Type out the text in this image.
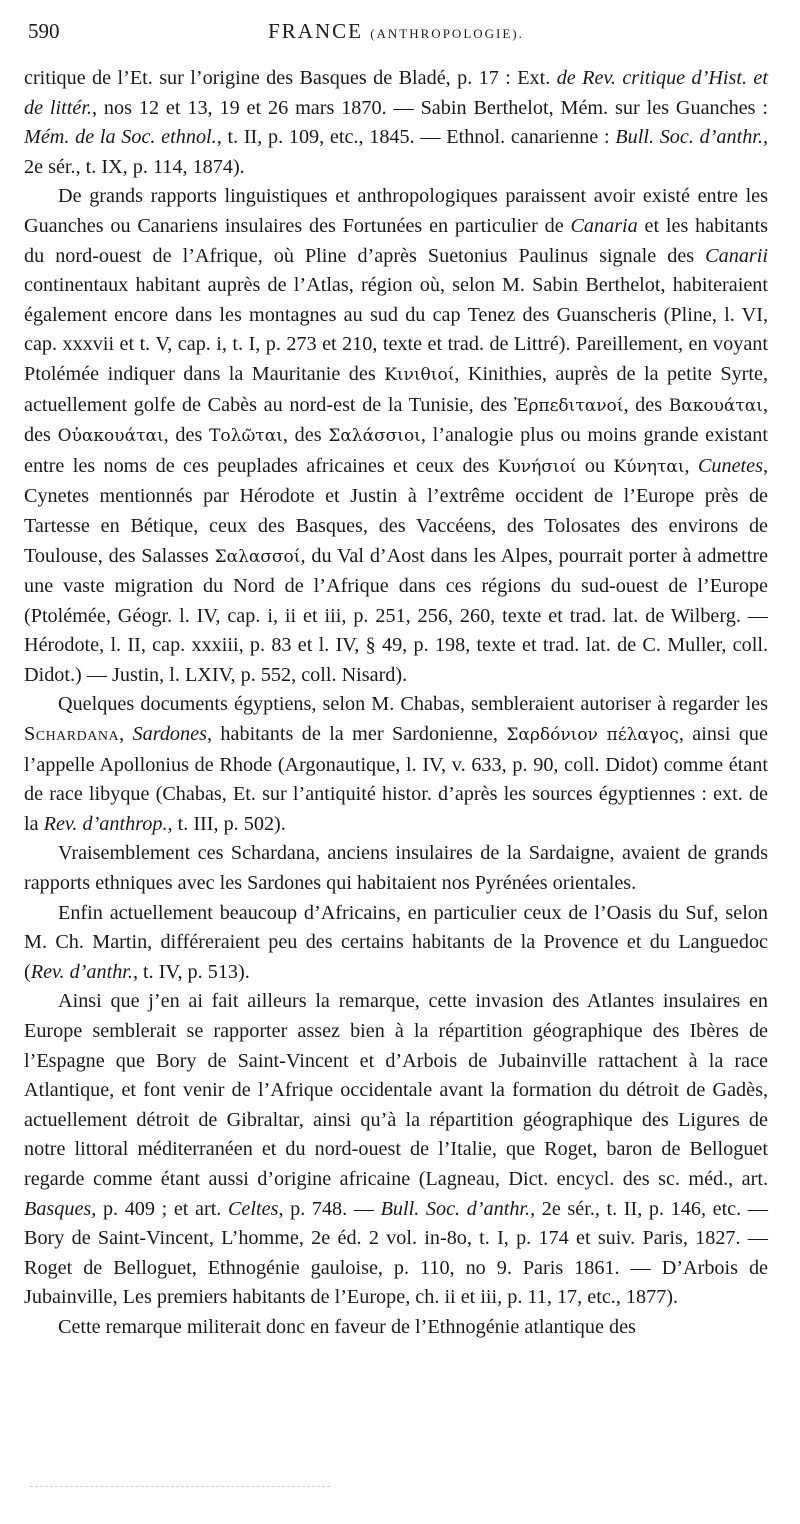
590	FRANCE (ANTHROPOLOGIE).

critique de l’Et. sur l’origine des Basques de Bladé, p. 17 : Ext. de Rev. critique d’Hist. et de littér., nos 12 et 13, 19 et 26 mars 1870. — Sabin Berthelot, Mém. sur les Guanches : Mém. de la Soc. ethnol., t. II, p. 109, etc., 1845. — Ethnol. canarienne : Bull. Soc. d’anthr., 2e sér., t. IX, p. 114, 1874).

De grands rapports linguistiques et anthropologiques paraissent avoir existé entre les Guanches ou Canariens insulaires des Fortunées en particulier de Canaria et les habitants du nord-ouest de l’Afrique, où Pline d’après Suetonius Paulinus signale des Canarii continentaux habitant auprès de l’Atlas, région où, selon M. Sabin Berthelot, habiteraient également encore dans les montagnes au sud du cap Tenez des Guanscheris (Pline, l. VI, cap. xxxvii et t. V, cap. i, t. I, p. 273 et 210, texte et trad. de Littré). Pareillement, en voyant Ptolémée indiquer dans la Mauritanie des Κινιθιοί, Kinithies, auprès de la petite Syrte, actuellement golfe de Cabès au nord-est de la Tunisie, des Ἐρπεδιτανοί, des Βακουάται, des Οὐακουάται, des Τολῶται, des Σαλάσσιοι, l’analogie plus ou moins grande existant entre les noms de ces peuplades africaines et ceux des Κυνήσιοί ou Κύνηται, Cunetes, Cynetes mentionnés par Hérodote et Justin à l’extrême occident de l’Europe près de Tartesse en Bétique, ceux des Basques, des Vaccéens, des Tolosates des environs de Toulouse, des Salasses Σαλασσοί, du Val d’Aost dans les Alpes, pourrait porter à admettre une vaste migration du Nord de l’Afrique dans ces régions du sud-ouest de l’Europe (Ptolémée, Géogr. l. IV, cap. i, ii et iii, p. 251, 256, 260, texte et trad. lat. de Wilberg. — Hérodote, l. II, cap. xxxiii, p. 83 et l. IV, § 49, p. 198, texte et trad. lat. de C. Muller, coll. Didot.) — Justin, l. LXIV, p. 552, coll. Nisard).

Quelques documents égyptiens, selon M. Chabas, sembleraient autoriser à regarder les Schardana, Sardones, habitants de la mer Sardonienne, Σαρδόνιον πέλαγος, ainsi que l’appelle Apollonius de Rhode (Argonautique, l. IV, v. 633, p. 90, coll. Didot) comme étant de race libyque (Chabas, Et. sur l’antiquité histor. d’après les sources égyptiennes : ext. de la Rev. d’anthrop., t. III, p. 502).

Vraisemblement ces Schardana, anciens insulaires de la Sardaigne, avaient de grands rapports ethniques avec les Sardones qui habitaient nos Pyrénées orientales.

Enfin actuellement beaucoup d’Africains, en particulier ceux de l’Oasis du Suf, selon M. Ch. Martin, différeraient peu des certains habitants de la Provence et du Languedoc (Rev. d’anthr., t. IV, p. 513).

Ainsi que j’en ai fait ailleurs la remarque, cette invasion des Atlantes insulaires en Europe semblerait se rapporter assez bien à la répartition géographique des Ibères de l’Espagne que Bory de Saint-Vincent et d’Arbois de Jubainville rattachent à la race Atlantique, et font venir de l’Afrique occidentale avant la formation du détroit de Gadès, actuellement détroit de Gibraltar, ainsi qu’à la répartition géographique des Ligures de notre littoral méditerranéen et du nord-ouest de l’Italie, que Roget, baron de Belloguet regarde comme étant aussi d’origine africaine (Lagneau, Dict. encycl. des sc. méd., art. Basques, p. 409 ; et art. Celtes, p. 748. — Bull. Soc. d’anthr., 2e sér., t. II, p. 146, etc. — Bory de Saint-Vincent, L’homme, 2e éd. 2 vol. in-8o, t. I, p. 174 et suiv. Paris, 1827. — Roget de Belloguet, Ethnogénie gauloise, p. 110, no 9. Paris 1861. — D’Arbois de Jubainville, Les premiers habitants de l’Europe, ch. ii et iii, p. 11, 17, etc., 1877).

Cette remarque militerait donc en faveur de l’Ethnogénie atlantique des
